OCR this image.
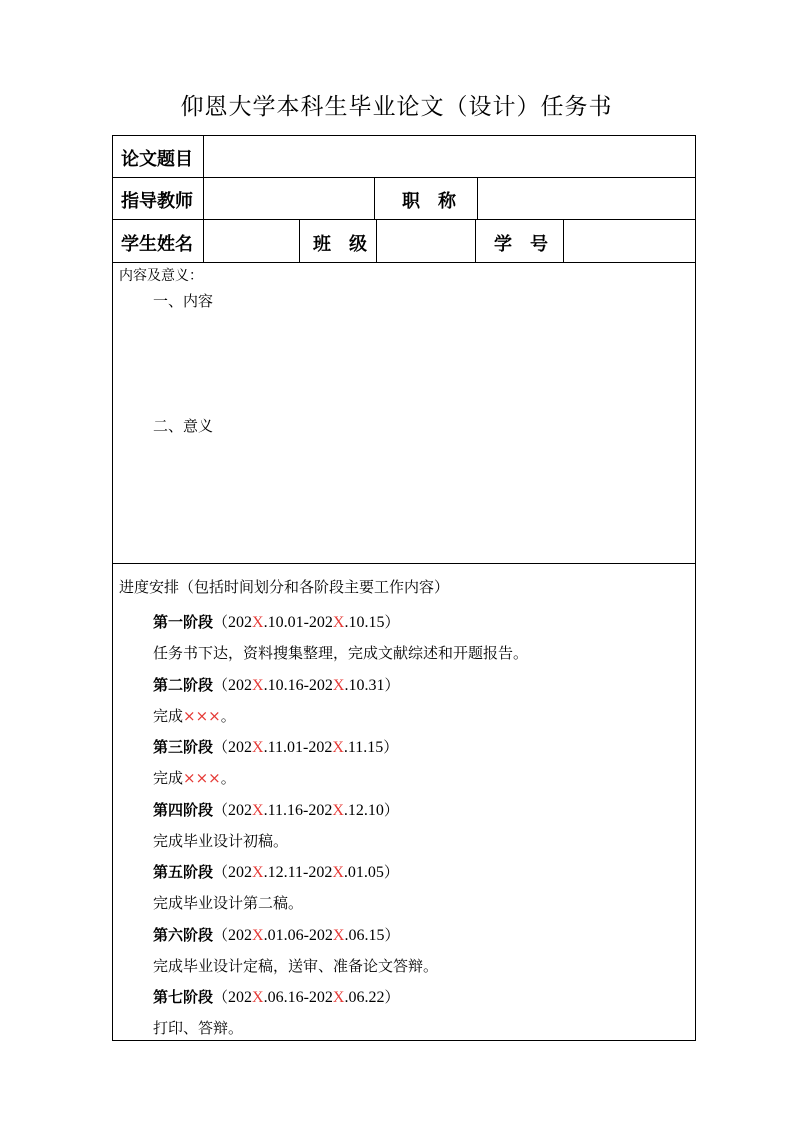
仰恩大学本科生毕业论文（设计）任务书
论文题目
指导教师	职　称
学生姓名	班　级	学　号
内容及意义：
一、内容
二、意义
进度安排（包括时间划分和各阶段主要工作内容）
第一阶段（202X.10.01-202X.10.15）
任务书下达，资料搜集整理，完成文献综述和开题报告。
第二阶段（202X.10.16-202X.10.31）
完成×××。
第三阶段（202X.11.01-202X.11.15）
完成×××。
第四阶段（202X.11.16-202X.12.10）
完成毕业设计初稿。
第五阶段（202X.12.11-202X.01.05）
完成毕业设计第二稿。
第六阶段（202X.01.06-202X.06.15）
完成毕业设计定稿，送审、准备论文答辩。
第七阶段（202X.06.16-202X.06.22）
打印、答辩。
